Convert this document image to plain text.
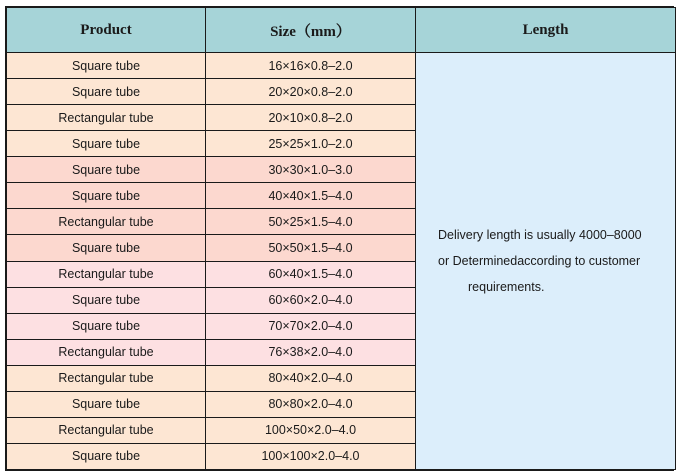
Product	Size（mm）	Length
Square tube	16×16×0.8–2.0	Delivery length is usually 4000–8000
or Determinedaccording to customer
requirements.

Square tube	20×20×0.8–2.0	
Rectangular tube	20×10×0.8–2.0	
Square tube	25×25×1.0–2.0	
Square tube	30×30×1.0–3.0	
Square tube	40×40×1.5–4.0	
Rectangular tube	50×25×1.5–4.0	
Square tube	50×50×1.5–4.0	
Rectangular tube	60×40×1.5–4.0	
Square tube	60×60×2.0–4.0	
Square tube	70×70×2.0–4.0	
Rectangular tube	76×38×2.0–4.0	
Rectangular tube	80×40×2.0–4.0	
Square tube	80×80×2.0–4.0	
Rectangular tube	100×50×2.0–4.0	
Square tube	100×100×2.0–4.0	
